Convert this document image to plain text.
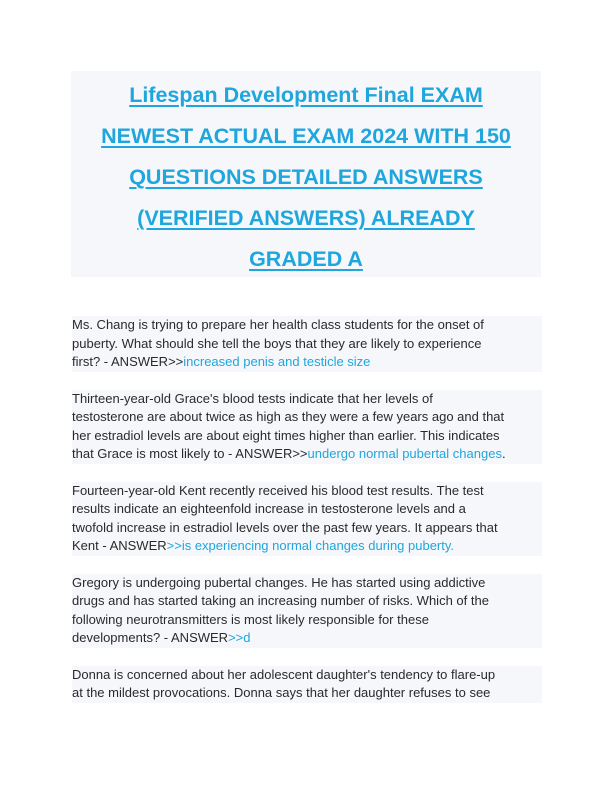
Lifespan Development Final EXAM
NEWEST ACTUAL EXAM 2024 WITH 150
QUESTIONS DETAILED ANSWERS
(VERIFIED ANSWERS) ALREADY
GRADED A

Ms. Chang is trying to prepare her health class students for the onset of
puberty. What should she tell the boys that they are likely to experience
first? - ANSWER>>increased penis and testicle size

Thirteen-year-old Grace's blood tests indicate that her levels of
testosterone are about twice as high as they were a few years ago and that
her estradiol levels are about eight times higher than earlier. This indicates
that Grace is most likely to - ANSWER>>undergo normal pubertal changes.

Fourteen-year-old Kent recently received his blood test results. The test
results indicate an eighteenfold increase in testosterone levels and a
twofold increase in estradiol levels over the past few years. It appears that
Kent - ANSWER>>is experiencing normal changes during puberty.

Gregory is undergoing pubertal changes. He has started using addictive
drugs and has started taking an increasing number of risks. Which of the
following neurotransmitters is most likely responsible for these
developments? - ANSWER>>d

Donna is concerned about her adolescent daughter's tendency to flare-up
at the mildest provocations. Donna says that her daughter refuses to see
